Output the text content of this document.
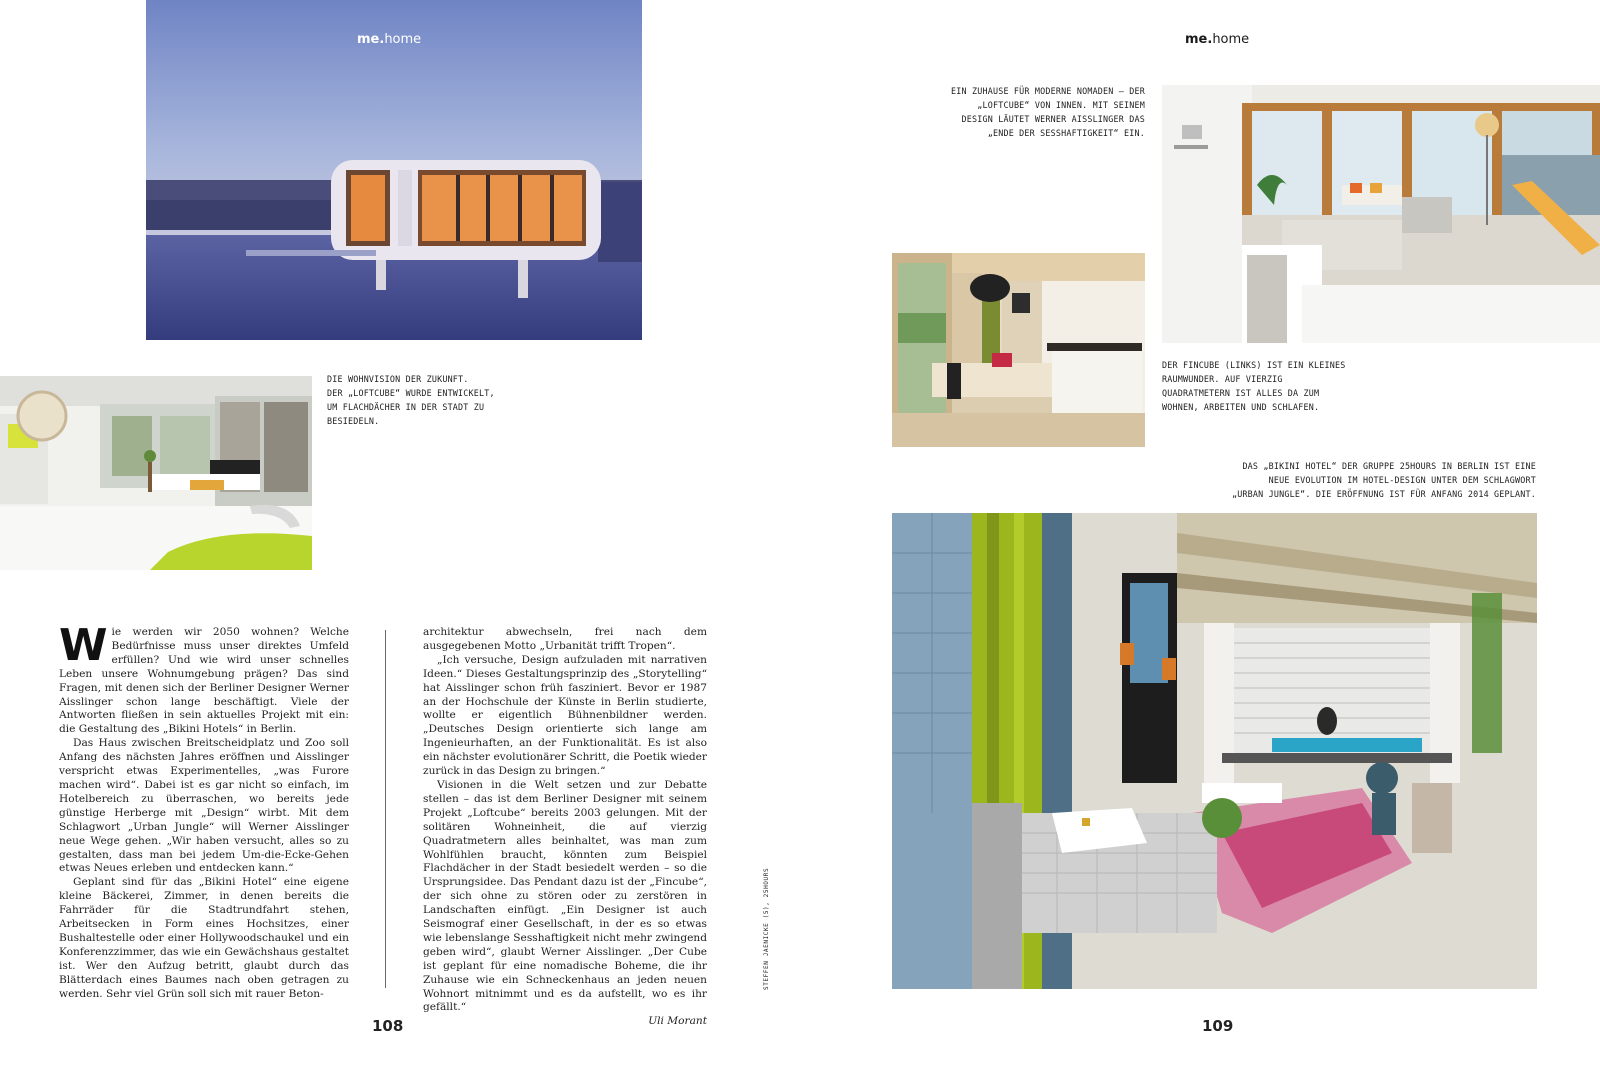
me.home
DIE WOHNVISION DER ZUKUNFT.
DER „LOFTCUBE“ WURDE ENTWICKELT,
UM FLACHDÄCHER IN DER STADT ZU
BESIEDELN.

Wie werden wir 2050 wohnen? Welche Bedürfnisse muss unser direktes Umfeld erfüllen? Und wie wird unser schnelles Leben unsere Wohnumgebung prägen? Das sind Fragen, mit denen sich der Berliner Designer Werner Aisslinger schon lange beschäftigt. Viele der Antworten fließen in sein aktuelles Projekt mit ein: die Gestaltung des „Bikini Hotels“ in Berlin.

Das Haus zwischen Breitscheidplatz und Zoo soll Anfang des nächsten Jahres eröffnen und Aisslinger verspricht etwas Experimentelles, „was Furore machen wird“. Dabei ist es gar nicht so einfach, im Hotelbereich zu überraschen, wo bereits jede günstige Herberge mit „Design“ wirbt. Mit dem Schlagwort „Urban Jungle“ will Werner Aisslinger neue Wege gehen. „Wir haben versucht, alles so zu gestalten, dass man bei jedem Um-die-Ecke-Gehen etwas Neues erleben und entdecken kann.“

Geplant sind für das „Bikini Hotel“ eine eigene kleine Bäckerei, Zimmer, in denen bereits die Fahrräder für die Stadtrundfahrt stehen, Arbeitsecken in Form eines Hochsitzes, einer Bushaltestelle oder einer Hollywoodschaukel und ein Konferenzzimmer, das wie ein Gewächshaus gestaltet ist. Wer den Aufzug betritt, glaubt durch das Blätterdach eines Baumes nach oben getragen zu werden. Sehr viel Grün soll sich mit rauer Beton-

architektur abwechseln, frei nach dem ausgegebenen Motto „Urbanität trifft Tropen“.

„Ich versuche, Design aufzuladen mit narrativen Ideen.“ Dieses Gestaltungsprinzip des „Storytelling“ hat Aisslinger schon früh fasziniert. Bevor er 1987 an der Hochschule der Künste in Berlin studierte, wollte er eigentlich Bühnenbildner werden. „Deutsches Design orientierte sich lange am Ingenieurhaften, an der Funktionalität. Es ist also ein nächster evolutionärer Schritt, die Poetik wieder zurück in das Design zu bringen.“

Visionen in die Welt setzen und zur Debatte stellen – das ist dem Berliner Designer mit seinem Projekt „Loftcube“ bereits 2003 gelungen. Mit der solitären Wohneinheit, die auf vierzig Quadratmetern alles beinhaltet, was man zum Wohlfühlen braucht, könnten zum Beispiel Flachdächer in der Stadt besiedelt werden – so die Ursprungsidee. Das Pendant dazu ist der „Fincube“, der sich ohne zu stören oder zu zerstören in Landschaften einfügt. „Ein Designer ist auch Seismograf einer Gesellschaft, in der es so etwas wie lebenslange Sesshaftigkeit nicht mehr zwingend geben wird“, glaubt Werner Aisslinger. „Der Cube ist geplant für eine nomadische Boheme, die ihr Zuhause wie ein Schneckenhaus an jeden neuen Wohnort mitnimmt und es da aufstellt, wo es ihr gefällt.“

Uli Morant

STEFFEN JAENICKE (5), 25HOURS
108
me.home
EIN ZUHAUSE FÜR MODERNE NOMADEN – DER
„LOFTCUBE“ VON INNEN. MIT SEINEM
DESIGN LÄUTET WERNER AISSLINGER DAS
„ENDE DER SESSHAFTIGKEIT“ EIN.
DER FINCUBE (LINKS) IST EIN KLEINES
RAUMWUNDER. AUF VIERZIG
QUADRATMETERN IST ALLES DA ZUM
WOHNEN, ARBEITEN UND SCHLAFEN.
DAS „BIKINI HOTEL“ DER GRUPPE 25HOURS IN BERLIN IST EINE
NEUE EVOLUTION IM HOTEL-DESIGN UNTER DEM SCHLAGWORT
„URBAN JUNGLE“. DIE ERÖFFNUNG IST FÜR ANFANG 2014 GEPLANT.
109
